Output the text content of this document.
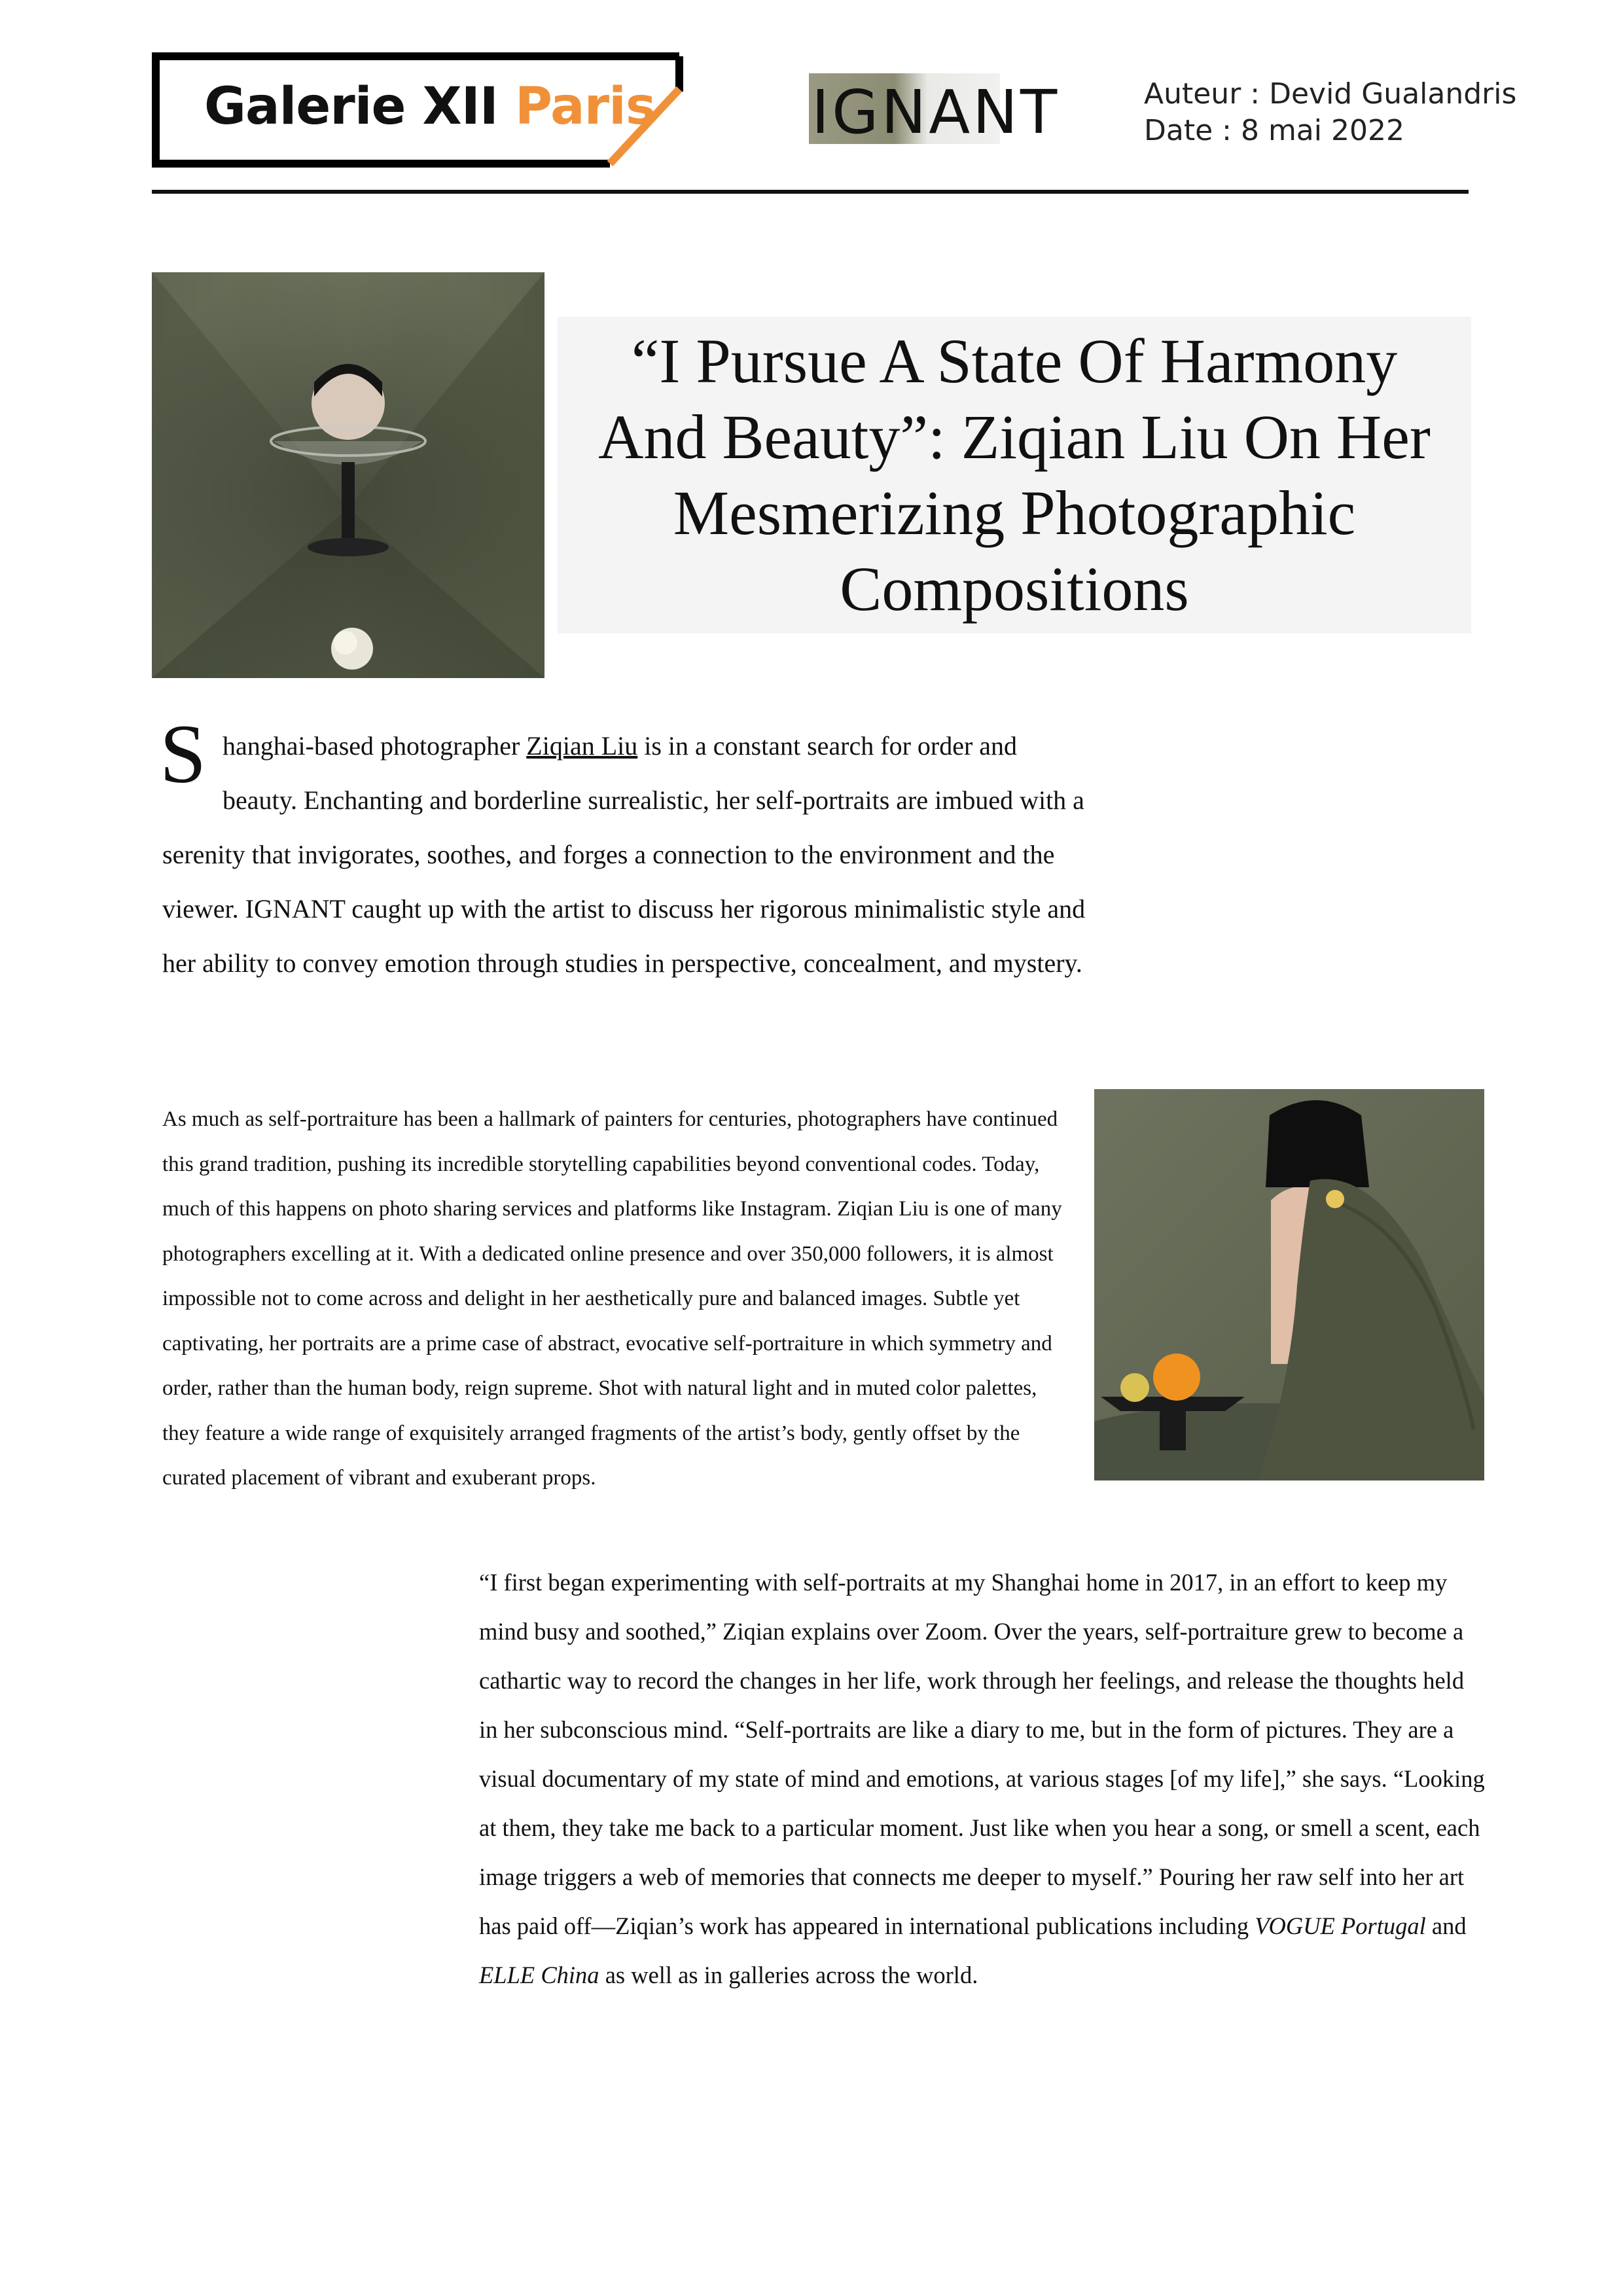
Galerie XII Paris	IGNANT	Auteur : Devid Gualandris
Date : 8 mai 2022
“I Pursue A State Of Harmony And Beauty”: Ziqian Liu On Her Mesmerizing Photographic Compositions
S hanghai-based photographer Ziqian Liu is in a constant search for order and beauty. Enchanting and borderline surrealistic, her self-portraits are imbued with a serenity that invigorates, soothes, and forges a connection to the environment and the viewer. IGNANT caught up with the artist to discuss her rigorous minimalistic style and her ability to convey emotion through studies in perspective, concealment, and mystery.

As much as self-portraiture has been a hallmark of painters for centuries, photographers have continued this grand tradition, pushing its incredible storytelling capabilities beyond conventional codes. Today, much of this happens on photo sharing services and platforms like Instagram. Ziqian Liu is one of many photographers excelling at it. With a dedicated online presence and over 350,000 followers, it is almost impossible not to come across and delight in her aesthetically pure and balanced images. Subtle yet captivating, her portraits are a prime case of abstract, evocative self-portraiture in which symmetry and order, rather than the human body, reign supreme. Shot with natural light and in muted color palettes, they feature a wide range of exquisitely arranged fragments of the artist’s body, gently offset by the curated placement of vibrant and exuberant props.

“I first began experimenting with self-portraits at my Shanghai home in 2017, in an effort to keep my mind busy and soothed,” Ziqian explains over Zoom. Over the years, self-portraiture grew to become a cathartic way to record the changes in her life, work through her feelings, and release the thoughts held in her subconscious mind. “Self-portraits are like a diary to me, but in the form of pictures. They are a visual documentary of my state of mind and emotions, at various stages [of my life],” she says. “Looking at them, they take me back to a particular moment. Just like when you hear a song, or smell a scent, each image triggers a web of memories that connects me deeper to myself.” Pouring her raw self into her art has paid off—Ziqian’s work has appeared in international publications including VOGUE Portugal and ELLE China as well as in galleries across the world.
